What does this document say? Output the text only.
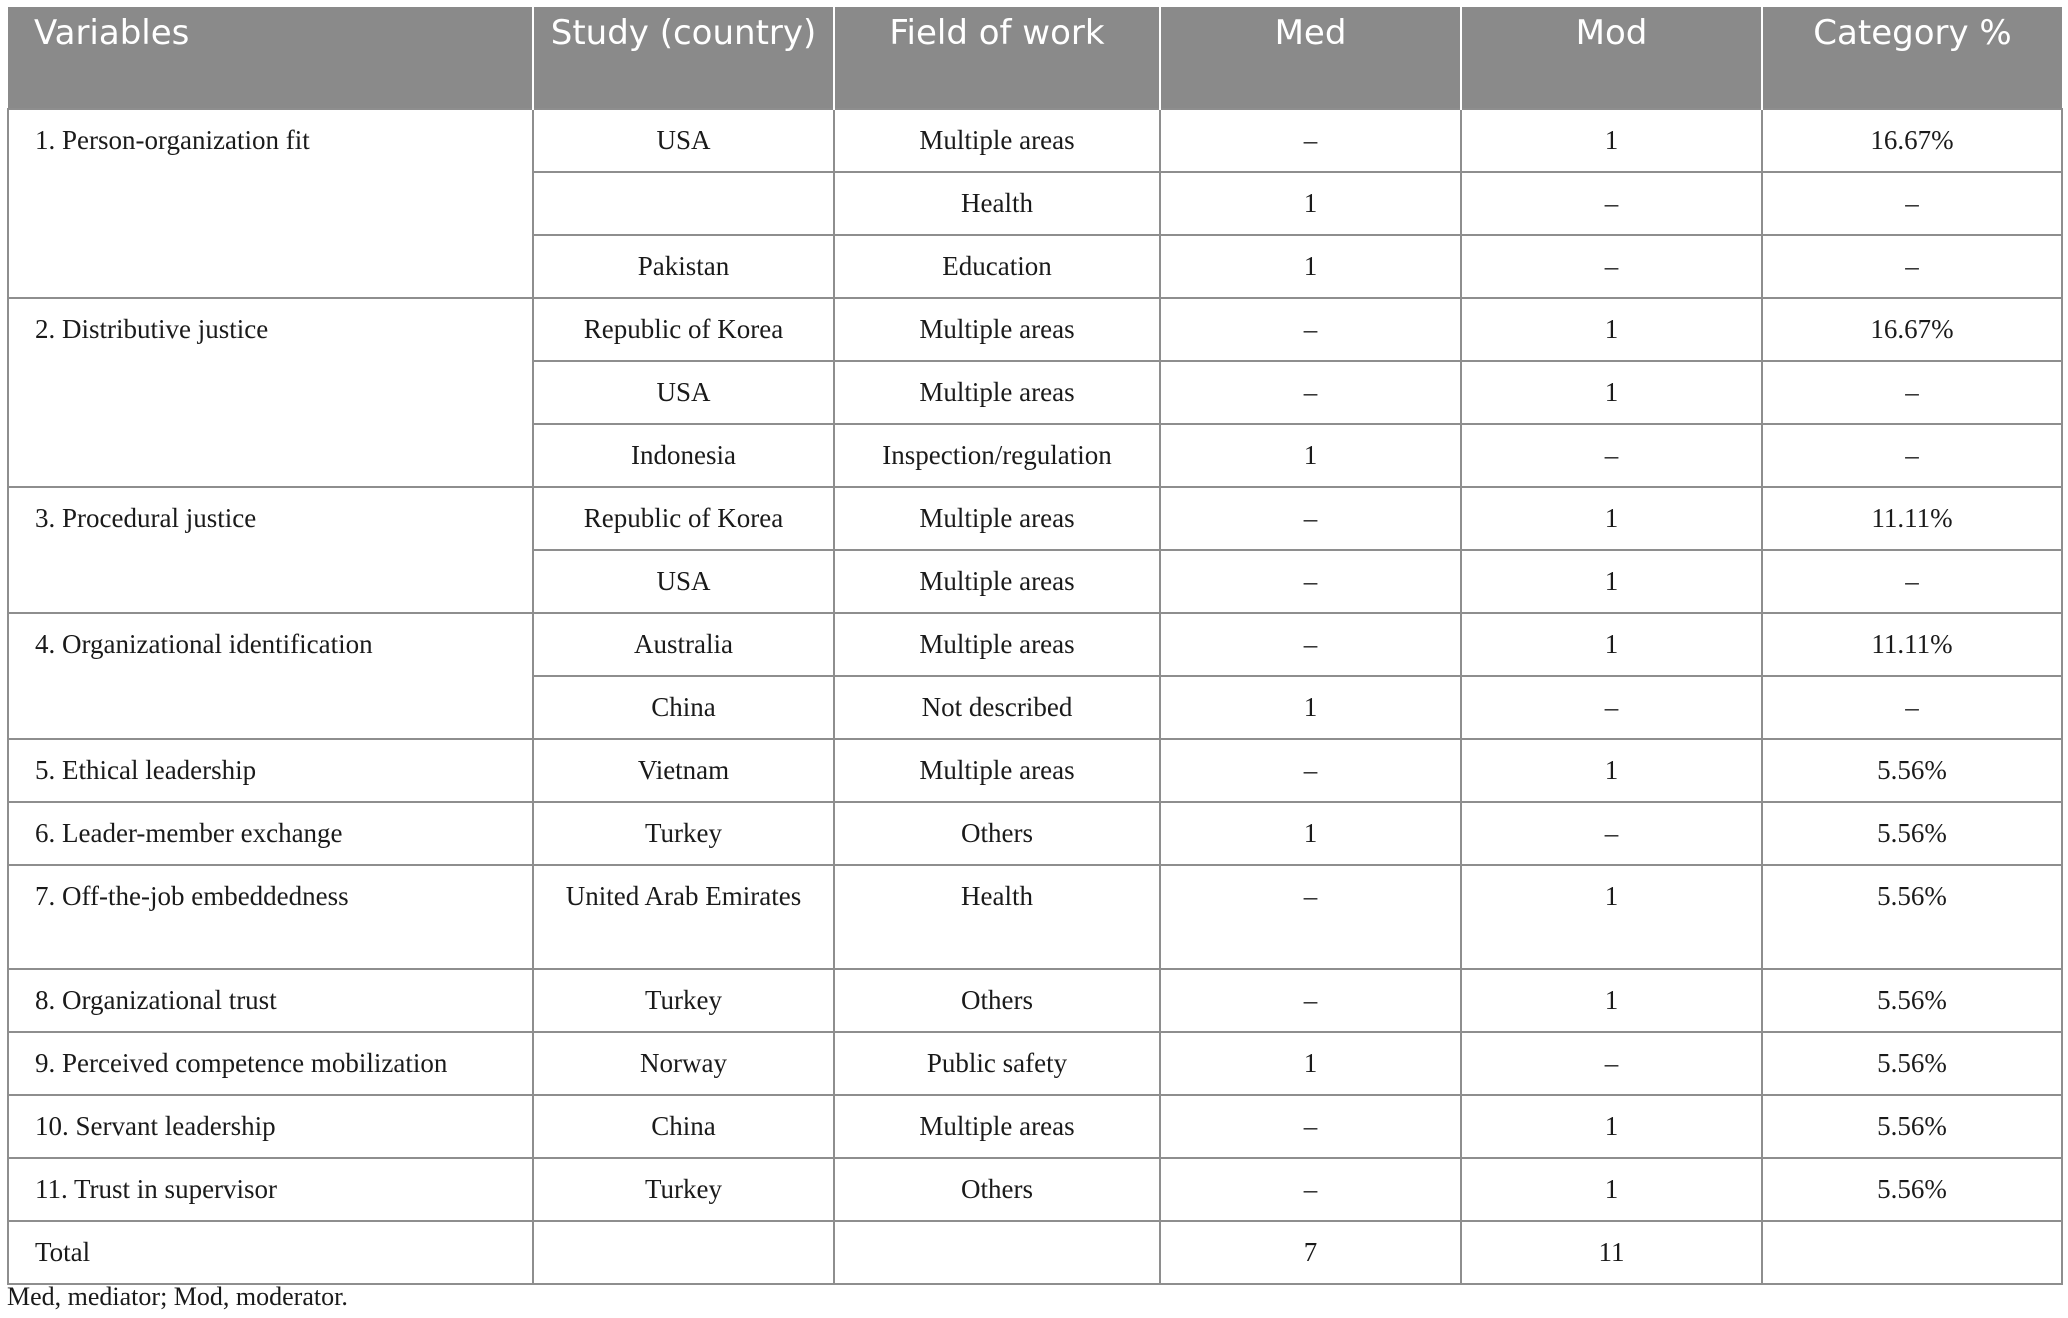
Variables	Study (country)	Field of work	Med	Mod	Category %
1. Person-organization fit	USA	Multiple areas	–	1	16.67%
		Health	1	–	–
	Pakistan	Education	1	–	–
2. Distributive justice	Republic of Korea	Multiple areas	–	1	16.67%
	USA	Multiple areas	–	1	–
	Indonesia	Inspection/regulation	1	–	–
3. Procedural justice	Republic of Korea	Multiple areas	–	1	11.11%
	USA	Multiple areas	–	1	–
4. Organizational identification	Australia	Multiple areas	–	1	11.11%
	China	Not described	1	–	–
5. Ethical leadership	Vietnam	Multiple areas	–	1	5.56%
6. Leader-member exchange	Turkey	Others	1	–	5.56%
7. Off-the-job embeddedness	United Arab Emirates	Health	–	1	5.56%
8. Organizational trust	Turkey	Others	–	1	5.56%
9. Perceived competence mobilization	Norway	Public safety	1	–	5.56%
10. Servant leadership	China	Multiple areas	–	1	5.56%
11. Trust in supervisor	Turkey	Others	–	1	5.56%
Total			7	11	
Med, mediator; Mod, moderator.
